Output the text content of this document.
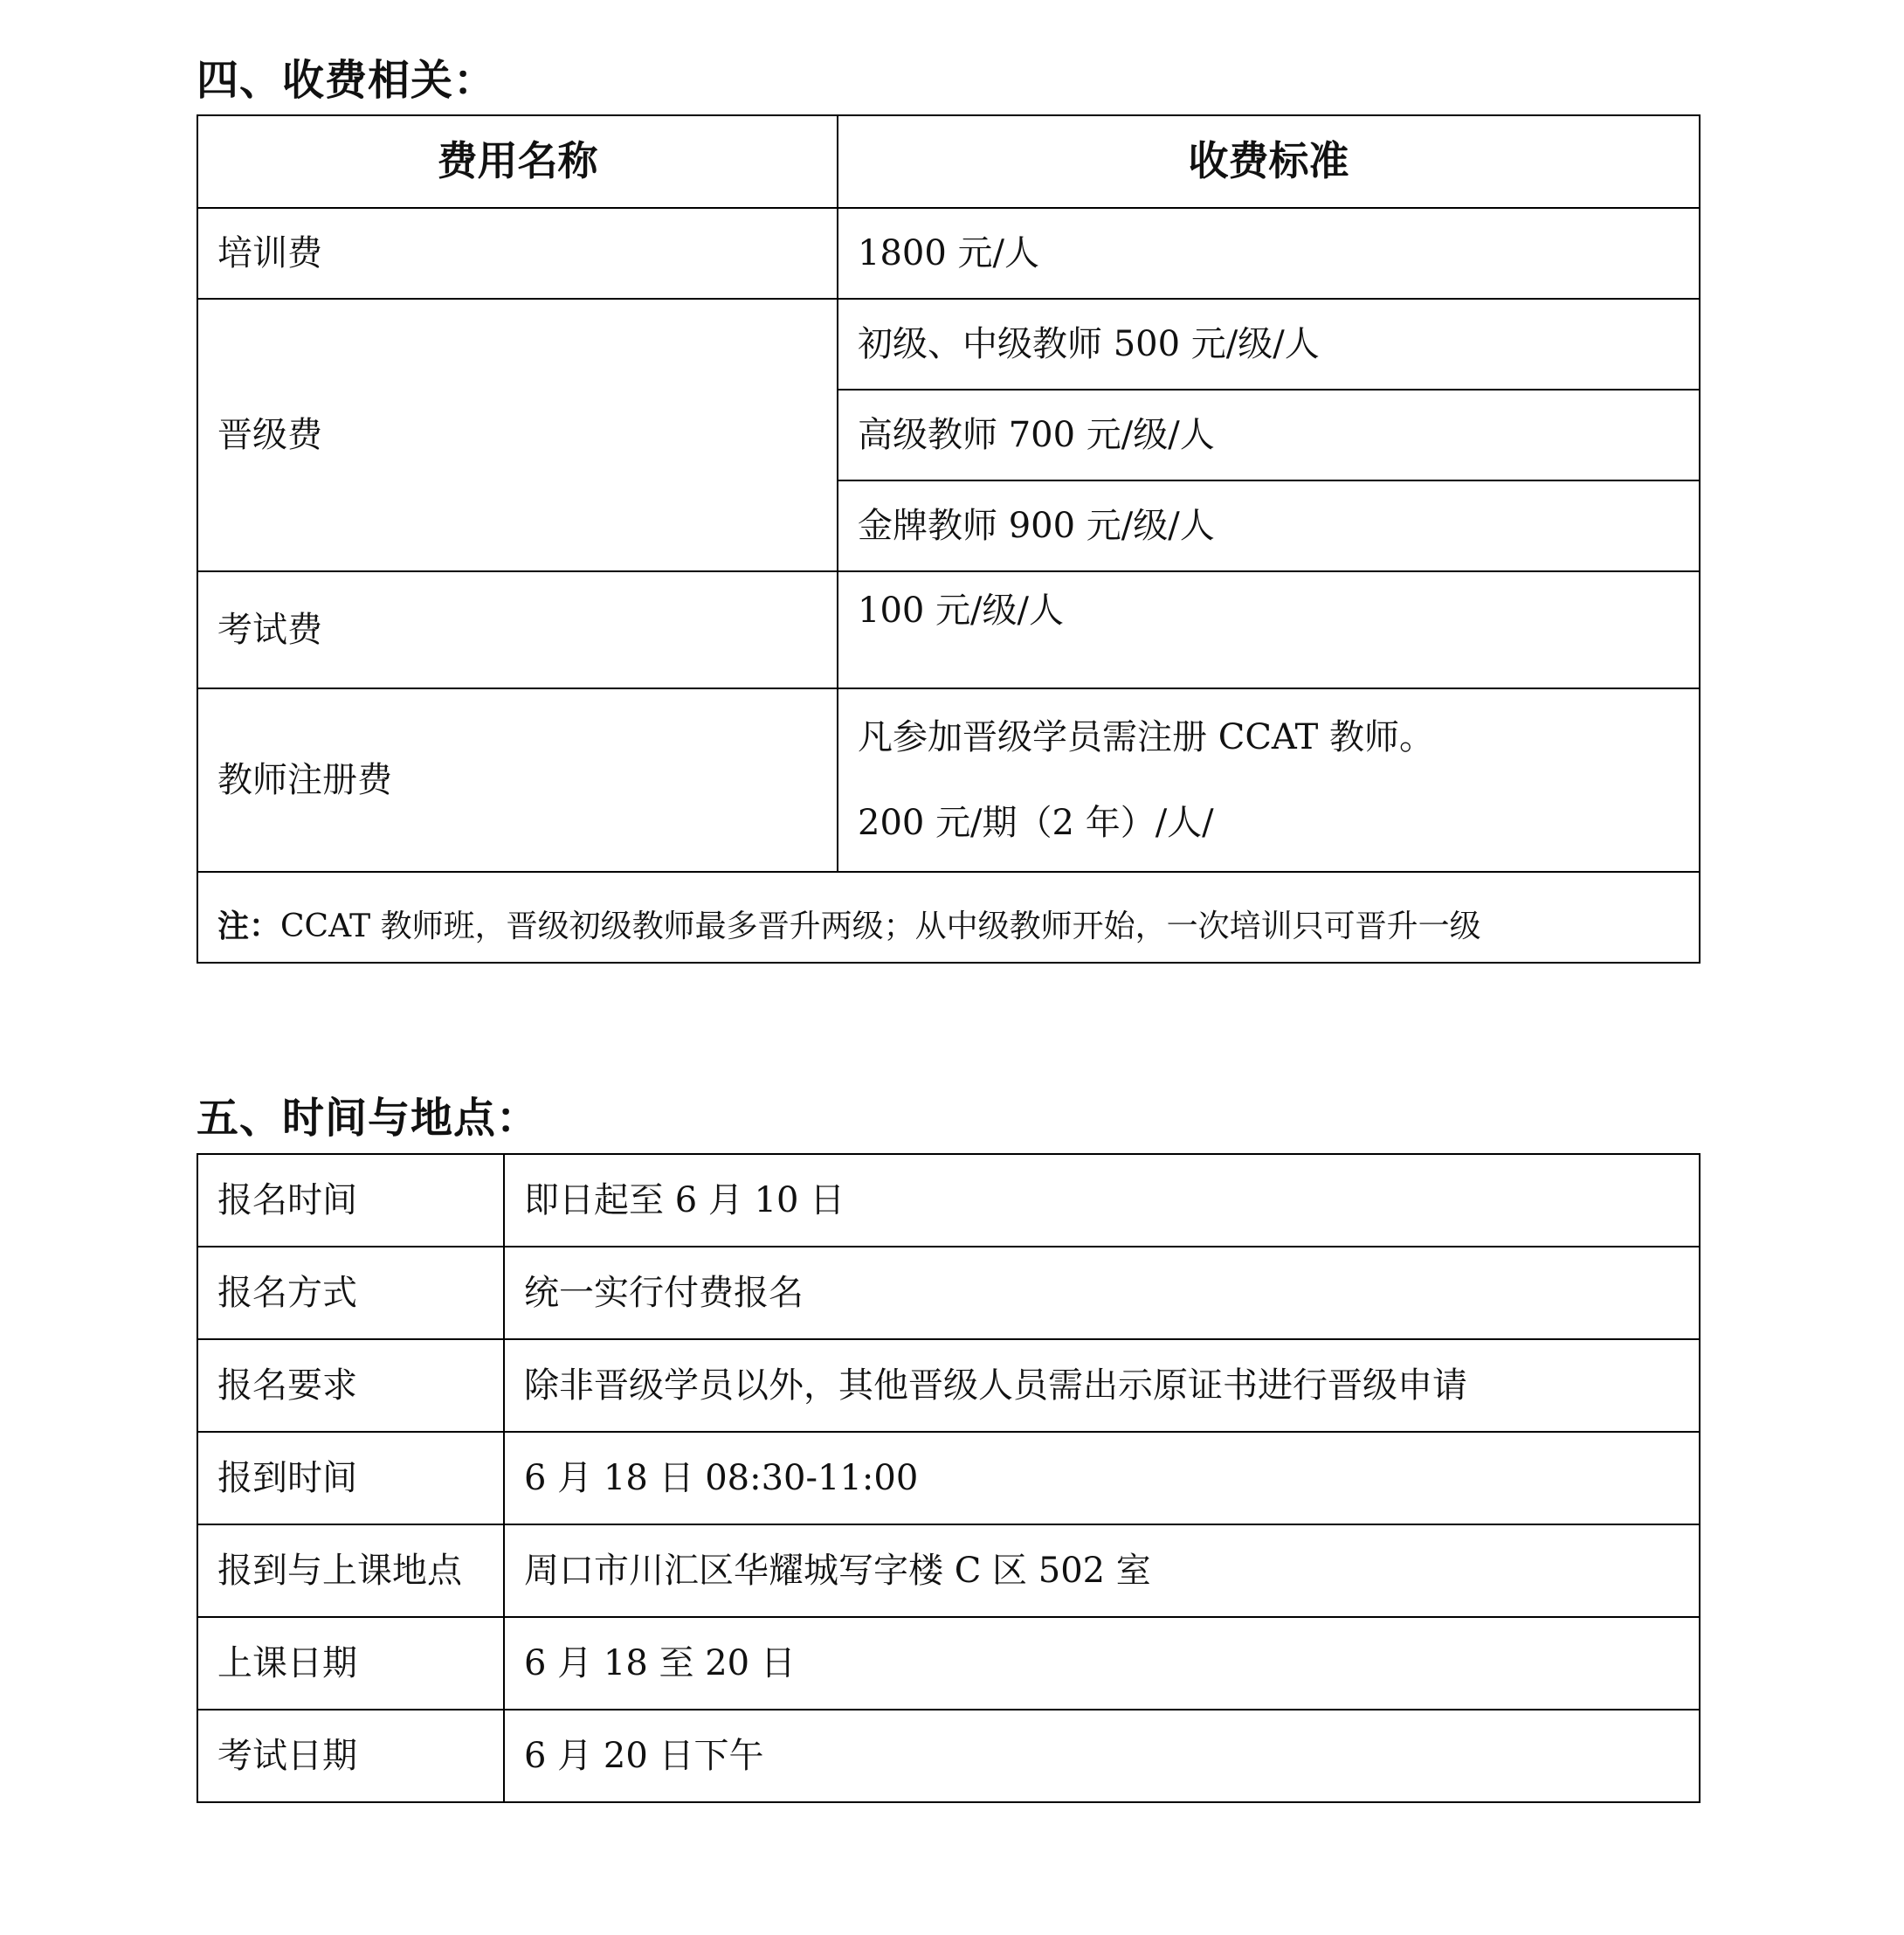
四、收费相关：
费用名称	收费标准
培训费	1800 元/人
晋级费	初级、中级教师 500 元/级/人
	高级教师 700 元/级/人
	金牌教师 900 元/级/人
考试费	100 元/级/人
教师注册费	凡参加晋级学员需注册 CCAT 教师。
200 元/期（2 年）/人/

注：CCAT 教师班，晋级初级教师最多晋升两级；从中级教师开始，一次培训只可晋升一级	
五、时间与地点：
报名时间	即日起至 6 月 10 日
报名方式	统一实行付费报名
报名要求	除非晋级学员以外，其他晋级人员需出示原证书进行晋级申请
报到时间	6 月 18 日 08:30-11:00
报到与上课地点	周口市川汇区华耀城写字楼 C 区 502 室
上课日期	6 月 18 至 20 日
考试日期	6 月 20 日下午
